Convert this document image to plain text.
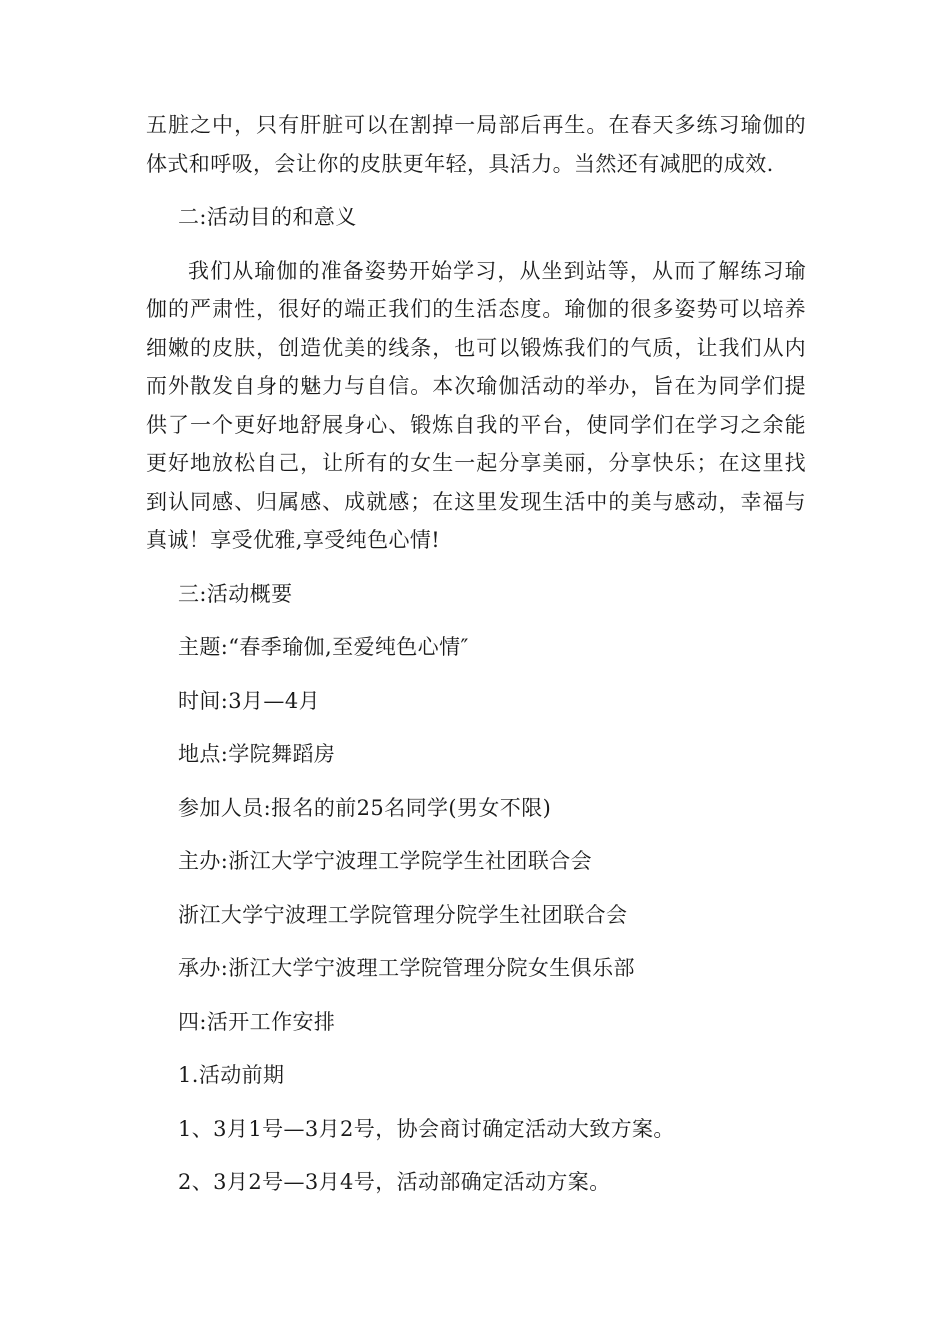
五脏之中，只有肝脏可以在割掉一局部后再生。在春天多练习瑜伽的体式和呼吸，会让你的皮肤更年轻，具活力。当然还有减肥的成效.

二:活动目的和意义

我们从瑜伽的准备姿势开始学习，从坐到站等，从而了解练习瑜伽的严肃性，很好的端正我们的生活态度。瑜伽的很多姿势可以培养细嫩的皮肤，创造优美的线条，也可以锻炼我们的气质，让我们从内而外散发自身的魅力与自信。本次瑜伽活动的举办，旨在为同学们提供了一个更好地舒展身心、锻炼自我的平台，使同学们在学习之余能更好地放松自己，让所有的女生一起分享美丽，分享快乐；在这里找到认同感、归属感、成就感；在这里发现生活中的美与感动，幸福与真诚！享受优雅,享受纯色心情!

三:活动概要

主题:“春季瑜伽,至爱纯色心情″

时间:3月—4月

地点:学院舞蹈房

参加人员:报名的前25名同学(男女不限)

主办:浙江大学宁波理工学院学生社团联合会

浙江大学宁波理工学院管理分院学生社团联合会

承办:浙江大学宁波理工学院管理分院女生俱乐部

四:活开工作安排

1.活动前期

1、3月1号—3月2号，协会商讨确定活动大致方案。

2、3月2号—3月4号，活动部确定活动方案。
